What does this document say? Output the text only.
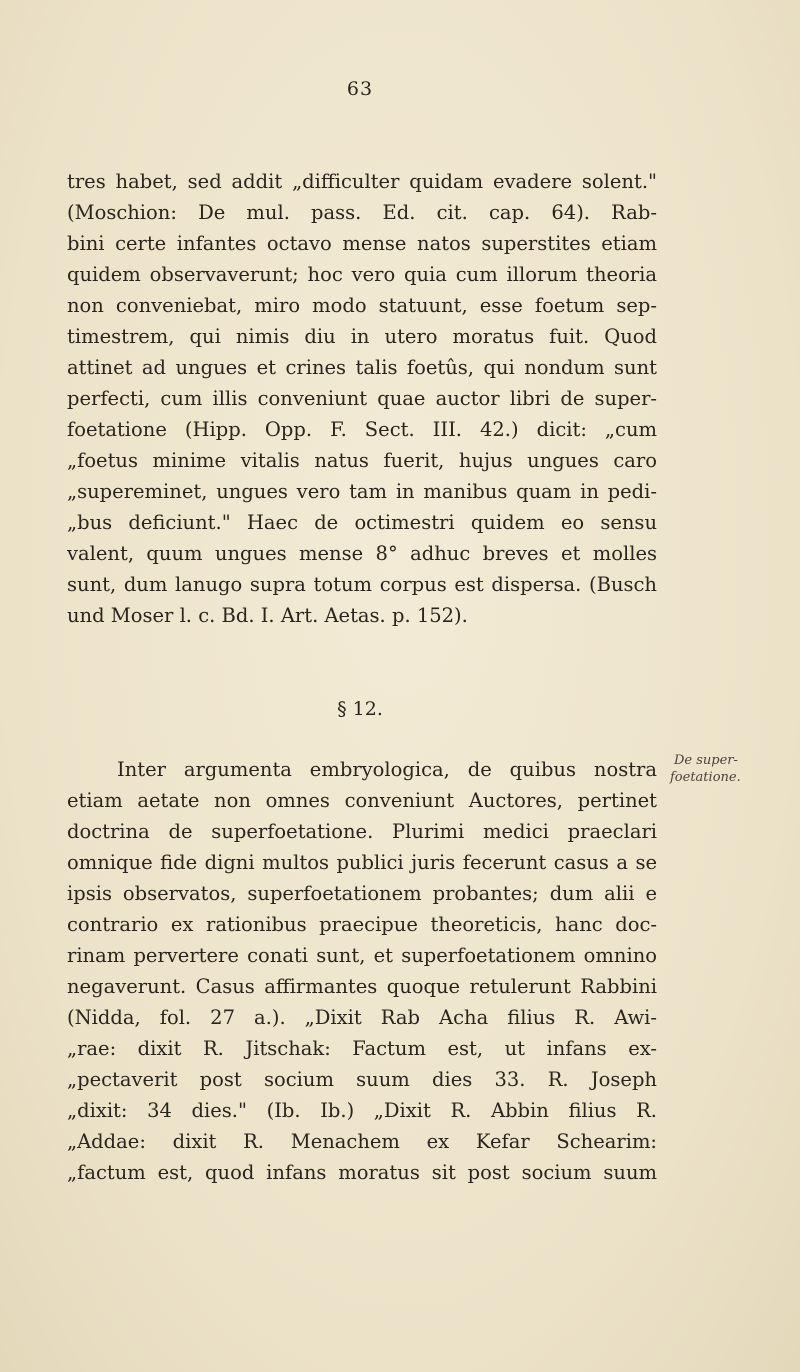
63
tres habet, sed addit „difficulter quidam evadere solent."
(Moschion: De mul. pass. Ed. cit. cap. 64). Rab-
bini certe infantes octavo mense natos superstites etiam
quidem observaverunt; hoc vero quia cum illorum theoria
non conveniebat, miro modo statuunt, esse foetum sep-
timestrem, qui nimis diu in utero moratus fuit. Quod
attinet ad ungues et crines talis foetûs, qui nondum sunt
perfecti, cum illis conveniunt quae auctor libri de super-
foetatione (Hipp. Opp. F. Sect. III. 42.) dicit: „cum
„foetus minime vitalis natus fuerit, hujus ungues caro
„supereminet, ungues vero tam in manibus quam in pedi-
„bus deficiunt." Haec de octimestri quidem eo sensu
valent, quum ungues mense 8° adhuc breves et molles
sunt, dum lanugo supra totum corpus est dispersa. (Busch
und Moser l. c. Bd. I. Art. Aetas. p. 152).
§ 12.
De super-
foetatione.
Inter argumenta embryologica, de quibus nostra
etiam aetate non omnes conveniunt Auctores, pertinet
doctrina de superfoetatione. Plurimi medici praeclari
omnique fide digni multos publici juris fecerunt casus a se
ipsis observatos, superfoetationem probantes; dum alii e
contrario ex rationibus praecipue theoreticis, hanc doc-
rinam pervertere conati sunt, et superfoetationem omnino
negaverunt. Casus affirmantes quoque retulerunt Rabbini
(Nidda, fol. 27 a.). „Dixit Rab Acha filius R. Awi-
„rae: dixit R. Jitschak: Factum est, ut infans ex-
„pectaverit post socium suum dies 33. R. Joseph
„dixit: 34 dies." (Ib. Ib.) „Dixit R. Abbin filius R.
„Addae: dixit R. Menachem ex Kefar Schearim:
„factum est, quod infans moratus sit post socium suum
